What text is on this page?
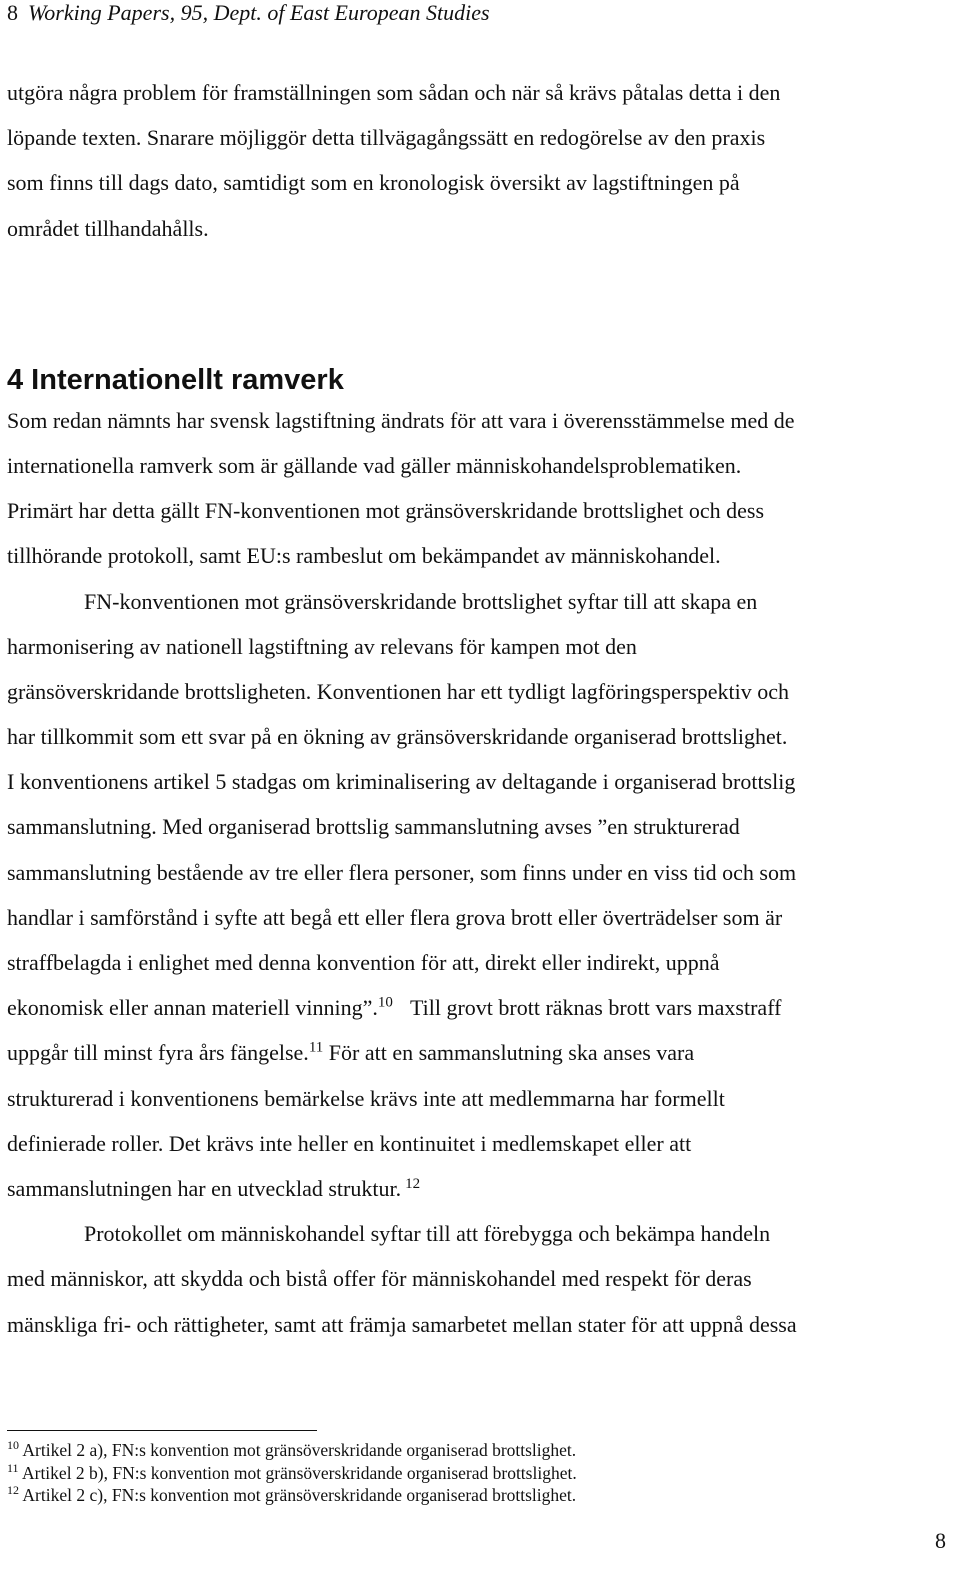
8 Working Papers, 95, Dept. of East European Studies
utgöra några problem för framställningen som sådan och när så krävs påtalas detta i den
löpande texten. Snarare möjliggör detta tillvägagångssätt en redogörelse av den praxis
som finns till dags dato, samtidigt som en kronologisk översikt av lagstiftningen på
området tillhandahålls.
4 Internationellt ramverk
Som redan nämnts har svensk lagstiftning ändrats för att vara i överensstämmelse med de
internationella ramverk som är gällande vad gäller människohandelsproblematiken.
Primärt har detta gällt FN-konventionen mot gränsöverskridande brottslighet och dess
tillhörande protokoll, samt EU:s rambeslut om bekämpandet av människohandel.
FN-konventionen mot gränsöverskridande brottslighet syftar till att skapa en
harmonisering av nationell lagstiftning av relevans för kampen mot den
gränsöverskridande brottsligheten. Konventionen har ett tydligt lagföringsperspektiv och
har tillkommit som ett svar på en ökning av gränsöverskridande organiserad brottslighet.
I konventionens artikel 5 stadgas om kriminalisering av deltagande i organiserad brottslig
sammanslutning. Med organiserad brottslig sammanslutning avses ”en strukturerad
sammanslutning bestående av tre eller flera personer, som finns under en viss tid och som
handlar i samförstånd i syfte att begå ett eller flera grova brott eller överträdelser som är
straffbelagda i enlighet med denna konvention för att, direkt eller indirekt, uppnå
ekonomisk eller annan materiell vinning”.$^{10}$ Till grovt brott räknas brott vars maxstraff
uppgår till minst fyra års fängelse.$^{11}$ För att en sammanslutning ska anses vara
strukturerad i konventionens bemärkelse krävs inte att medlemmarna har formellt
definierade roller. Det krävs inte heller en kontinuitet i medlemskapet eller att
sammanslutningen har en utvecklad struktur. $^{12}$
Protokollet om människohandel syftar till att förebygga och bekämpa handeln
med människor, att skydda och bistå offer för människohandel med respekt för deras
mänskliga fri- och rättigheter, samt att främja samarbetet mellan stater för att uppnå dessa
$^{10}$ Artikel 2 a), FN:s konvention mot gränsöverskridande organiserad brottslighet.
$^{11}$ Artikel 2 b), FN:s konvention mot gränsöverskridande organiserad brottslighet.
$^{12}$ Artikel 2 c), FN:s konvention mot gränsöverskridande organiserad brottslighet.
8
